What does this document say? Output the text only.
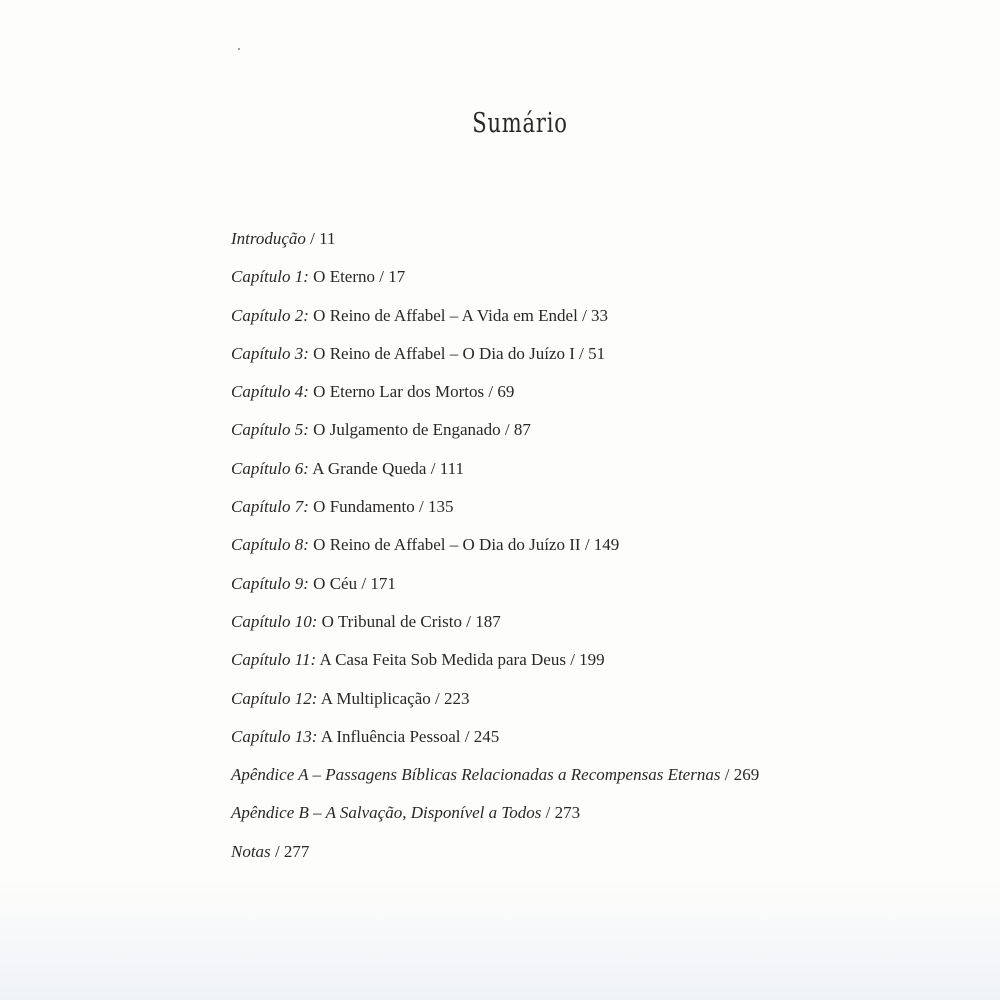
Sumário
Introdução / 11
Capítulo 1: O Eterno / 17
Capítulo 2: O Reino de Affabel – A Vida em Endel / 33
Capítulo 3: O Reino de Affabel – O Dia do Juízo I / 51
Capítulo 4: O Eterno Lar dos Mortos / 69
Capítulo 5: O Julgamento de Enganado / 87
Capítulo 6: A Grande Queda / 111
Capítulo 7: O Fundamento / 135
Capítulo 8: O Reino de Affabel – O Dia do Juízo II / 149
Capítulo 9: O Céu / 171
Capítulo 10: O Tribunal de Cristo / 187
Capítulo 11: A Casa Feita Sob Medida para Deus / 199
Capítulo 12: A Multiplicação / 223
Capítulo 13: A Influência Pessoal / 245
Apêndice A – Passagens Bíblicas Relacionadas a Recompensas Eternas / 269
Apêndice B – A Salvação, Disponível a Todos / 273
Notas / 277
